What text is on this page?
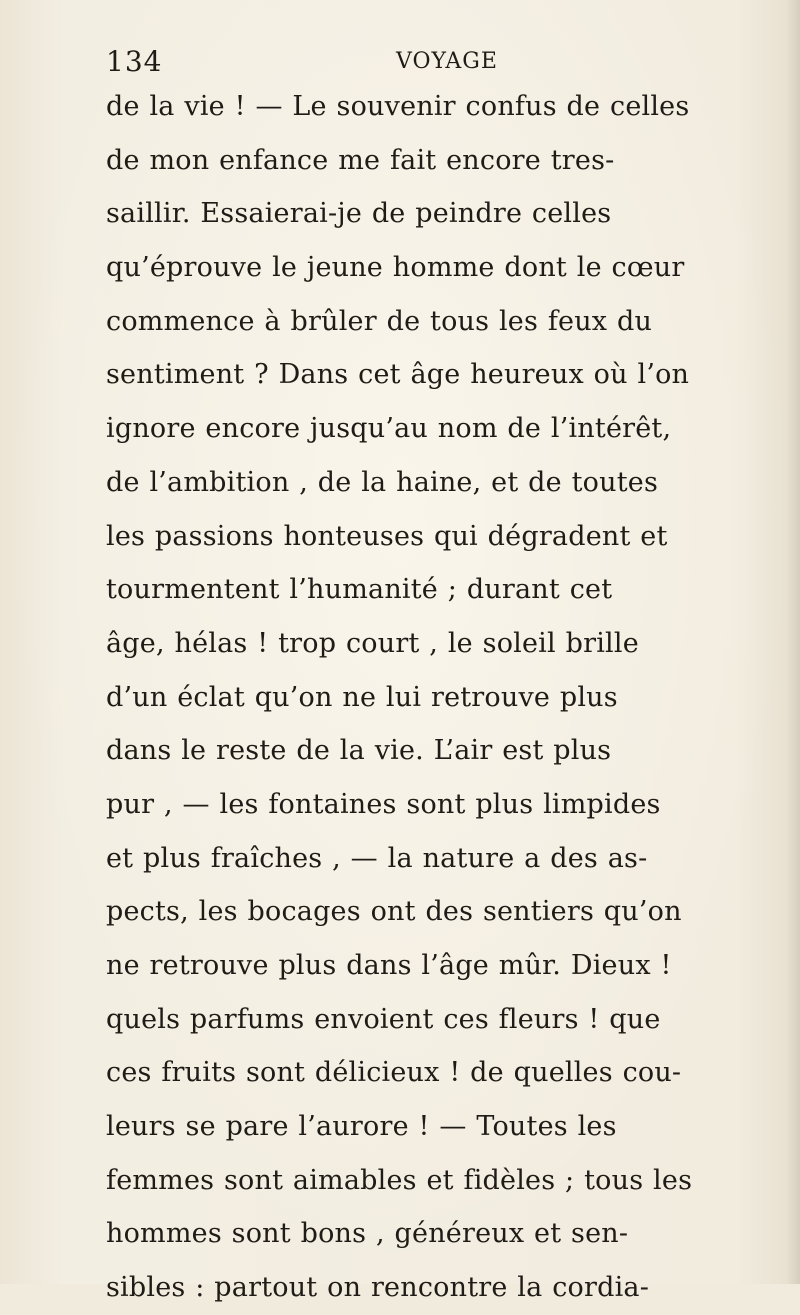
134	VOYAGE
de la vie ! — Le souvenir confus de celles
de mon enfance me fait encore tres-
saillir. Essaierai-je de peindre celles
qu’éprouve le jeune homme dont le cœur
commence à brûler de tous les feux du
sentiment ? Dans cet âge heureux où l’on
ignore encore jusqu’au nom de l’intérêt,
de l’ambition , de la haine, et de toutes
les passions honteuses qui dégradent et
tourmentent l’humanité ; durant cet
âge, hélas ! trop court , le soleil brille
d’un éclat qu’on ne lui retrouve plus
dans le reste de la vie. L’air est plus
pur , — les fontaines sont plus limpides
et plus fraîches , — la nature a des as-
pects, les bocages ont des sentiers qu’on
ne retrouve plus dans l’âge mûr. Dieux !
quels parfums envoient ces fleurs ! que
ces fruits sont délicieux ! de quelles cou-
leurs se pare l’aurore ! — Toutes les
femmes sont aimables et fidèles ; tous les
hommes sont bons , généreux et sen-
sibles : partout on rencontre la cordia-
